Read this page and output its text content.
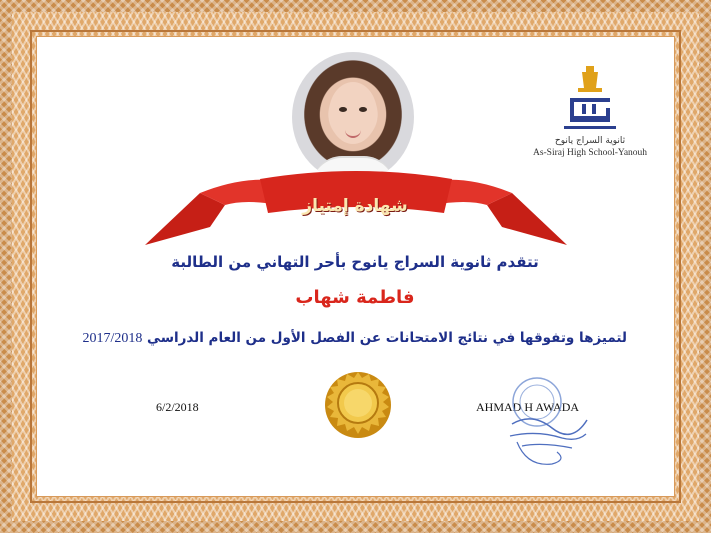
شهادة إمتياز
ثانوية السراج يانوح
As-Siraj High School-Yanouh
تتقدم ثانوية السراج يانوح بأحر التهاني من الطالبة
فاطمة شهاب
لتميزها وتفوقها في نتائج الامتحانات عن الفصل الأول من العام الدراسي 2017/2018
6/2/2018	AHMAD H AWADA
